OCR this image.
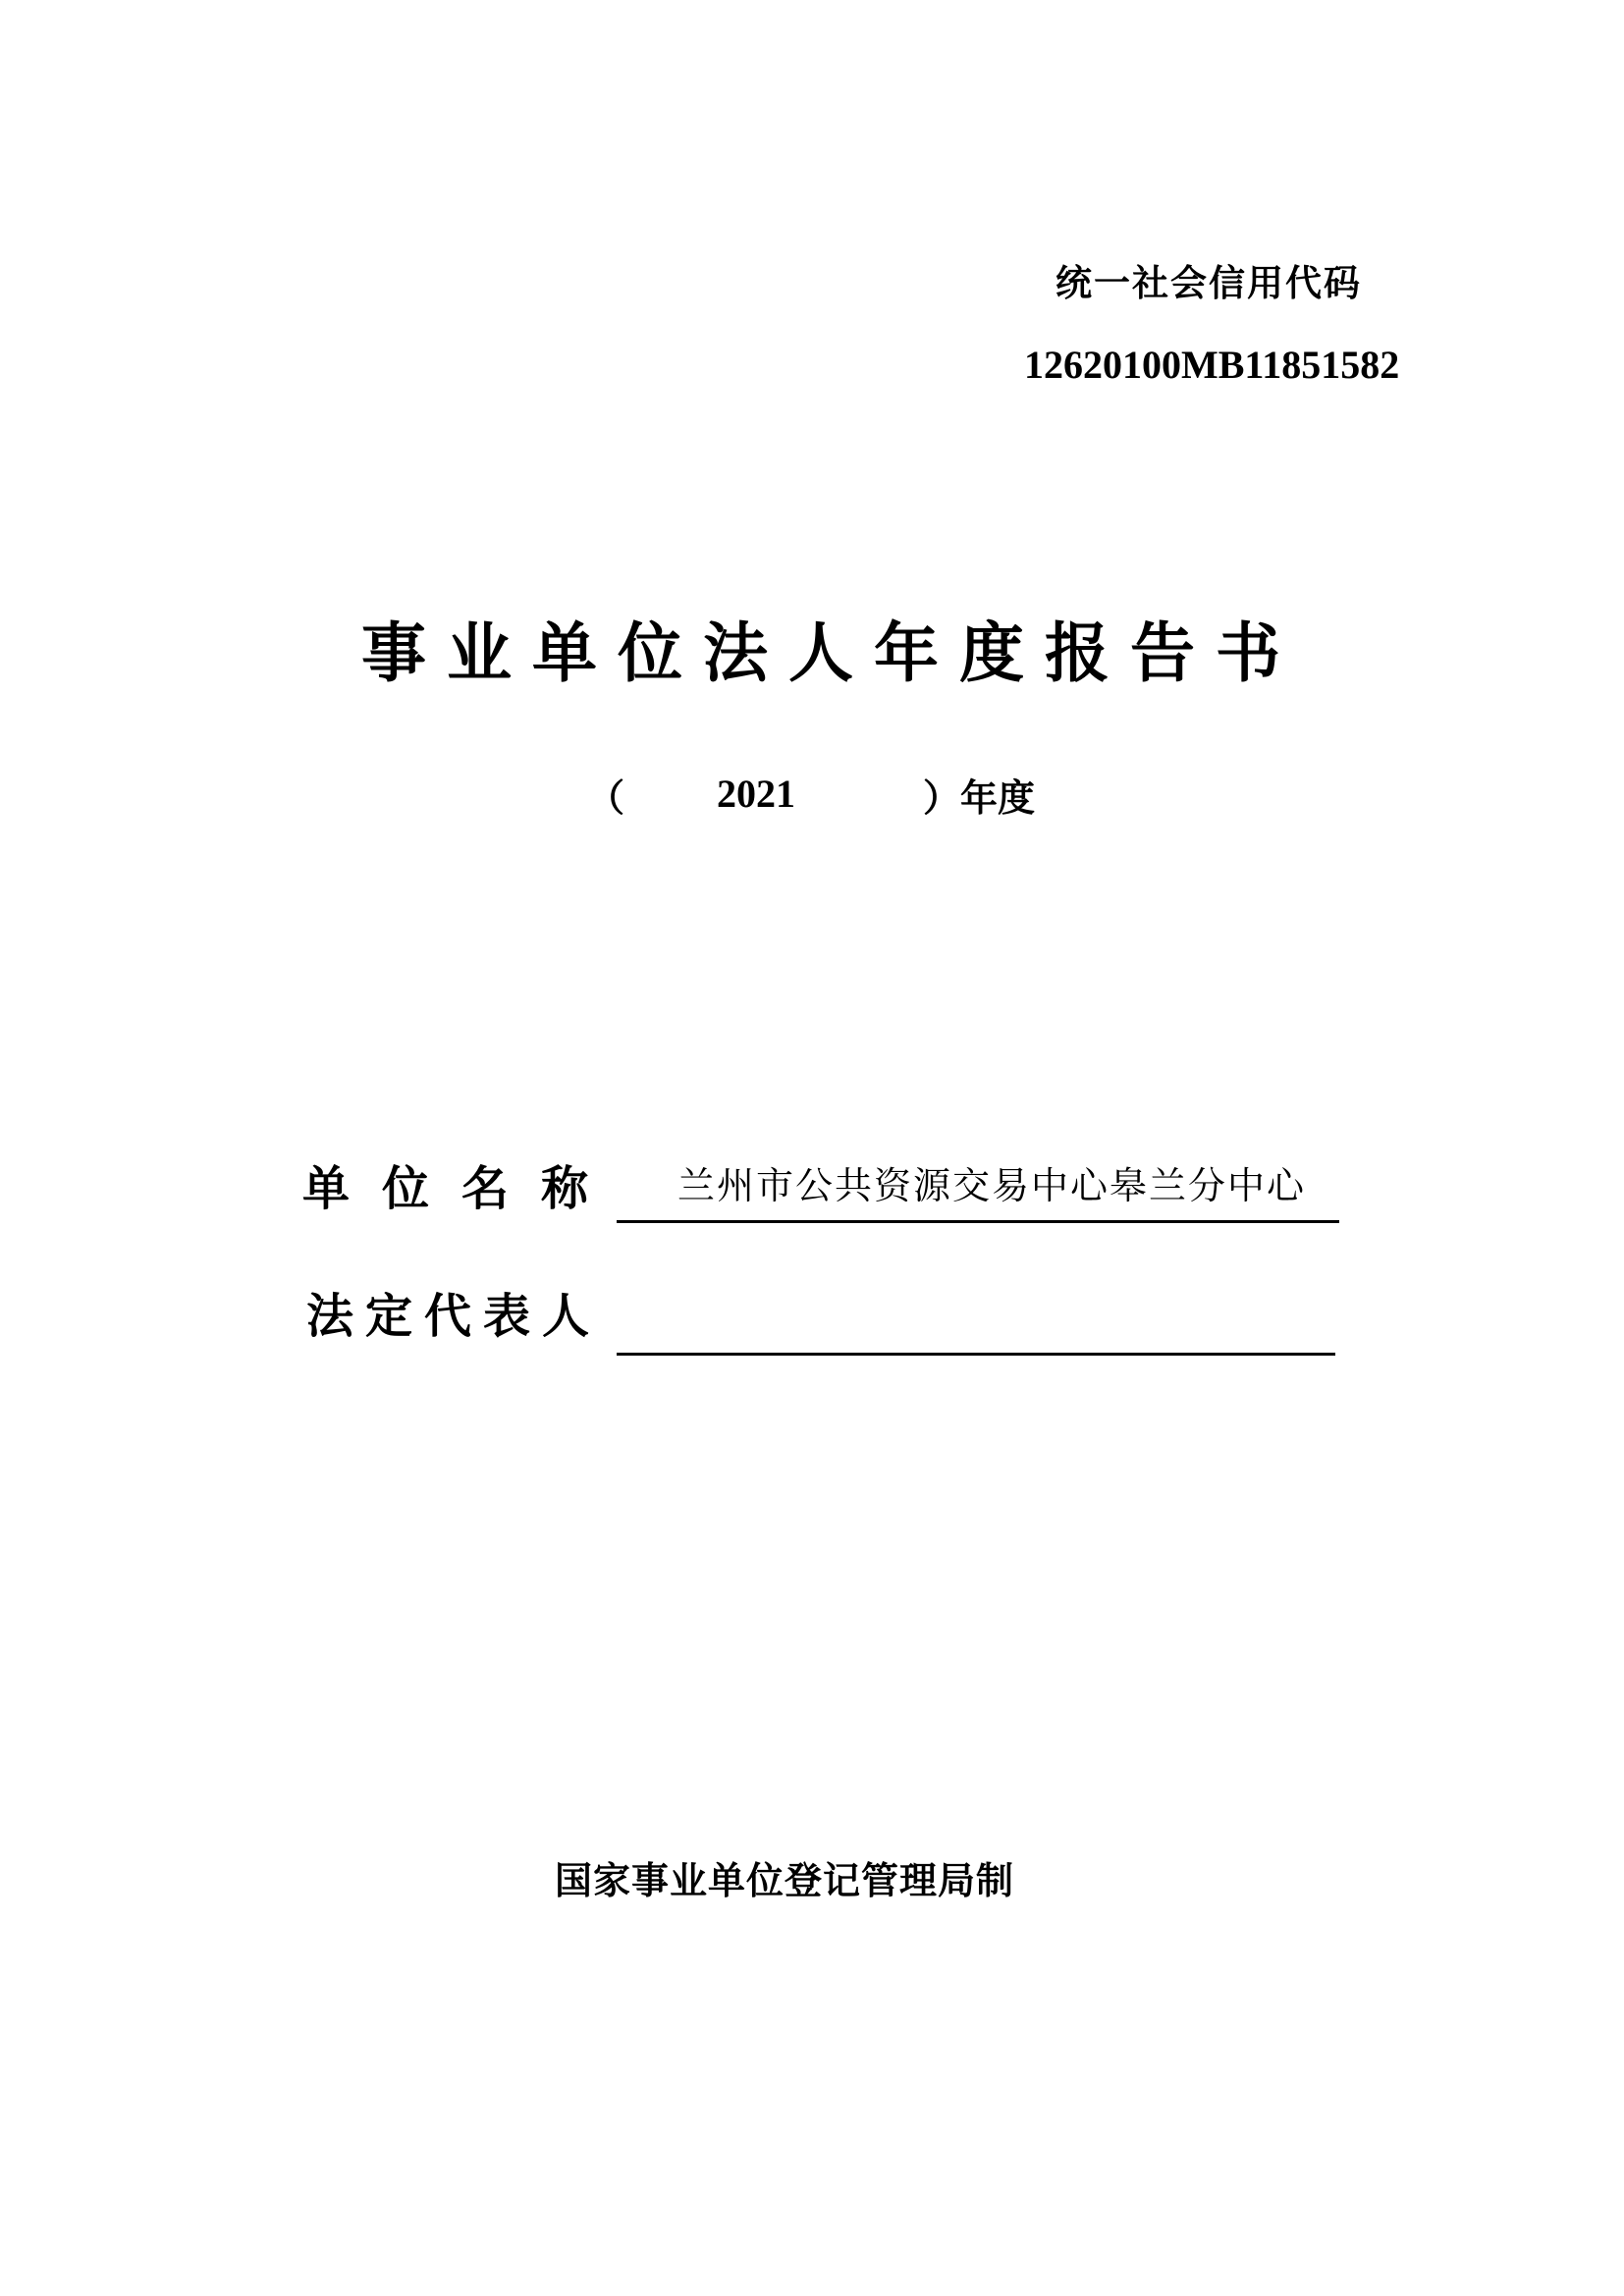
统一社会信用代码
12620100MB11851582
事业单位法人年度报告书
（ 2021	）年度
单位名称 兰州市公共资源交易中心皋兰分中心
法定代表人
国家事业单位登记管理局制
